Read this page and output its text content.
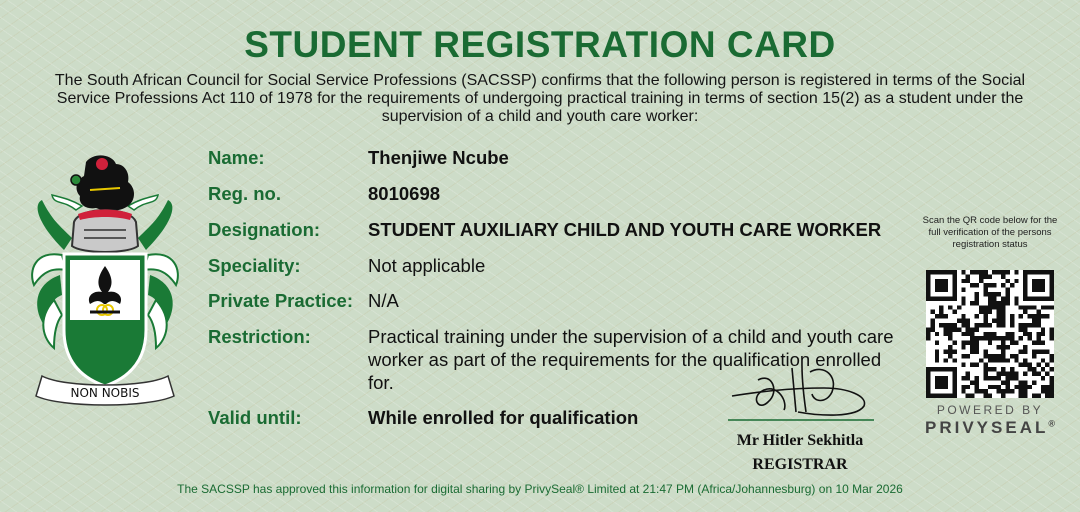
STUDENT REGISTRATION CARD
The South African Council for Social Service Professions (SACSSP) confirms that the following person is registered in terms of the Social Service Professions Act 110 of 1978 for the requirements of undergoing practical training in terms of section 15(2) as a student under the supervision of a child and youth care worker:
NON NOBIS
Name:	Thenjiwe Ncube
Reg. no.	8010698
Designation:	STUDENT AUXILIARY CHILD AND YOUTH CARE WORKER
Speciality:	Not applicable
Private Practice: N/A
Restriction:	Practical training under the supervision of a child and youth care worker as part of the requirements for the qualification enrolled for.
Valid until:	While enrolled for qualification
Mr Hitler Sekhitla
REGISTRAR
Scan the QR code below for the full verification of the persons registration status
POWERED BY
PRIVYSEAL®
The SACSSP has approved this information for digital sharing by PrivySeal® Limited at 21:47 PM (Africa/Johannesburg) on 10 Mar 2026
